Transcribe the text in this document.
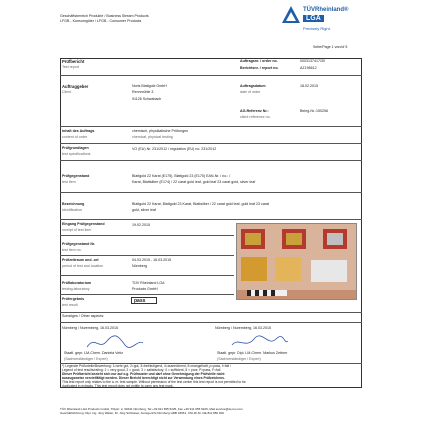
Geschäftsbereich Produkte / Business Stream Products
LFGB - Konsumgüter / LFGB - Consumer Products
TÜVRheinland®
LGA
Precisely Right.
Seite/Page 1 von/of 5
Prüfbericht
Test report
Auftragsnr. / order no.	0003137417/30
Berichtsnr. / report no.	AZ196612
Auftraggeber
Client
Noris Blattgold GmbH
Rennmühle 3
91126 Schwabach
Auftragsdatum
date of order
18.02.2015
AG-Referenz Nr.:
client reference no.
Beleg-Nr.:150256
Inhalt des Auftrags
content of order
chemisch, physikalische Prüfungen
chemical, physical testing
Prüfgrundlagen
test specifications
VO (EU) Nr. 231/2012 / regulation (EU) no. 231/2012
Prüfgegenstand
test item
Blattgold 22 Karat (E175), Blattgold 23 (E175) EAN-Nr. / no.: /
Karat, Blattsilber (E174) / 22 carat gold leaf, gold leaf 23 carat gold, silver leaf
Bezeichnung
identification
Blattgold 22 Karat, Blattgold 23 Karat, Blattsilber / 22 carat gold leaf, gold leaf 23 carat
gold, silver leaf
Eingang Prüfgegenstand
receipt of test item
19.02.2015
Prüfgegenstand Nr.
test item no.
Prüfzeitraum und -ort
period of test and location
04.03.2015 - 16.03.2015
Nürnberg
Prüflaboratorium
testing laboratory
TÜV Rheinland LGA
Products GmbH
Prüfergebnis
test result
pass
Sonstiges / Other aspects:
Nürnberg / Nuremberg, 16.03.2015
Staatl. gepr. LM-Chem. Daniela Veitz
(Sachverständiger / Expert)
Nürnberg / Nuremberg, 16.03.2015
Staatl. gepr. Dipl. LM-Chem. Markus Zettner
(Sachverständiger / Expert)
*) Legende Prüfurteile/Bewertung: 1=sehr gut, 2=gut, 3=befriedigend, 4=ausreichend, 5=mangelhaft, p=pass, f=fail /
Legend of test results/rating: 1 = very good, 2 = good, 3 = satisfactory, 4 = sufficient, 5 = poor, P=pass, F=fail
Dieser Prüfbericht bezieht sich nur auf o.g. Prüfmuster und darf ohne Genehmigung der Prüfstelle nicht
auszugsweise vervielfältigt werden. Dieser Bericht berechtigt nicht zur Verwendung eines Prüfzeichens.
This test report only relates to the a. m. test sample. Without permission of the test center this test report is not permitted to be
duplicated in extracts. This test report does not entitle to carry any test mark.
TÜV Rheinland LGA Products GmbH, Tillystr. 2, 90431 Nürnberg, Tel +49 911 655 5225, Fax +49 911 655 5226, Mail service@de.tuv.com
Geschäftsführung: Dipl. Ing. Jörg Walter, Dr. Jörg Schlösser, Amtsgericht Nürnberg HRB 18961, USt-ID-Nr. DE 811 850 000
